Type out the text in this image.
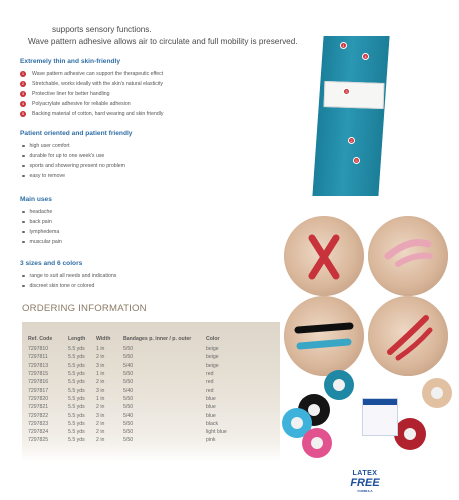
supports sensory functions.
Wave pattern adhesive allows air to circulate and full mobility is preserved.
Extremely thin and skin-friendly
1	Wave pattern adhesive can support the therapeutic effect
2	Stretchable, works ideally with the skin's natural elasticity
3	Protective liner for better handling
4	Polyacrylate adhesive for reliable adhesion
5	Backing material of cotton, hard wearing and skin friendly
Patient oriented and patient friendly
high user comfort
durable for up to one week's use
sports and showering present no problem
easy to remove
Main uses
headache
back pain
lymphedema
muscular pain
3 sizes and 6 colors
range to suit all needs and indications
discreet skin tone or colored
1
4
3
2
5
ORDERING INFORMATION
Ref. Code	Length	Width	Bandages p. inner / p. outer	Color
7297810	5.5 yds	1 in	5/50	beige
7297811	5.5 yds	2 in	5/50	beige
7297813	5.5 yds	3 in	5/40	beige
7297815	5.5 yds	1 in	5/50	red
7297816	5.5 yds	2 in	5/50	red
7297817	5.5 yds	3 in	5/40	red
7297820	5.5 yds	1 in	5/50	blue
7297821	5.5 yds	2 in	5/50	blue
7297822	5.5 yds	3 in	5/40	blue
7297823	5.5 yds	2 in	5/50	black
7297824	5.5 yds	2 in	5/50	light blue
7297825	5.5 yds	2 in	5/50	pink
LATEX
FREE
FORMULA
